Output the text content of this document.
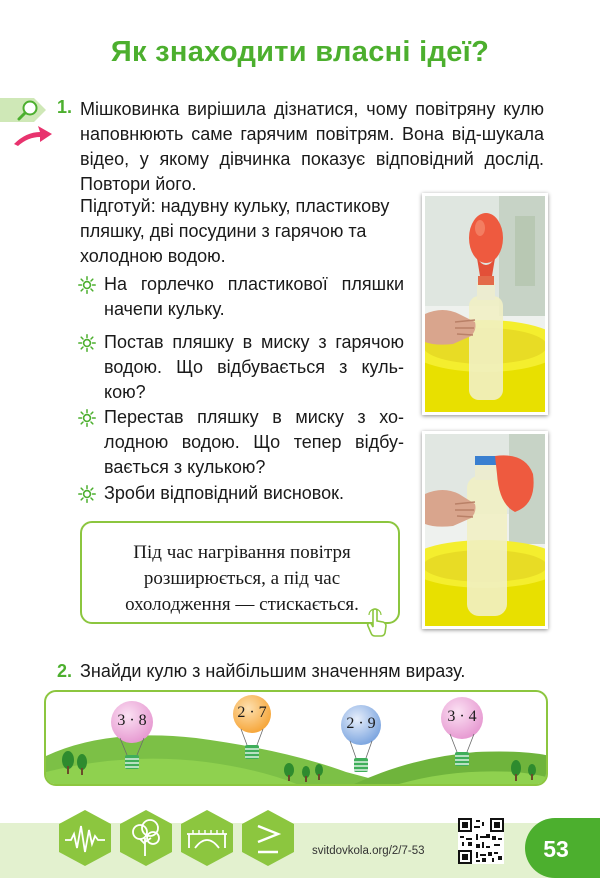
Як знаходити власні ідеї?
1. Мішковинка вирішила дізнатися, чому повітряну кулю наповнюють саме гарячим повітрям. Вона від-шукала відео, у якому дівчинка показує відповідний дослід. Повтори його.
Підготуй: надувну кульку, пластикову пляшку, дві посудини з гарячою та холодною водою.
На горлечко пластикової пляшки начепи кульку.
Постав пляшку в миску з гарячою водою. Що відбувається з куль-кою?
Перестав пляшку в миску з хо-лодною водою. Що тепер відбу-вається з кулькою?
Зроби відповідний висновок.
Під час нагрівання повітря розширюється, а під час охолодження — стискається.
2. Знайди кулю з найбільшим значенням виразу.
3 · 8	2 · 7
2 · 9	3 · 4
svitdovkola.org/2/7-53	53
